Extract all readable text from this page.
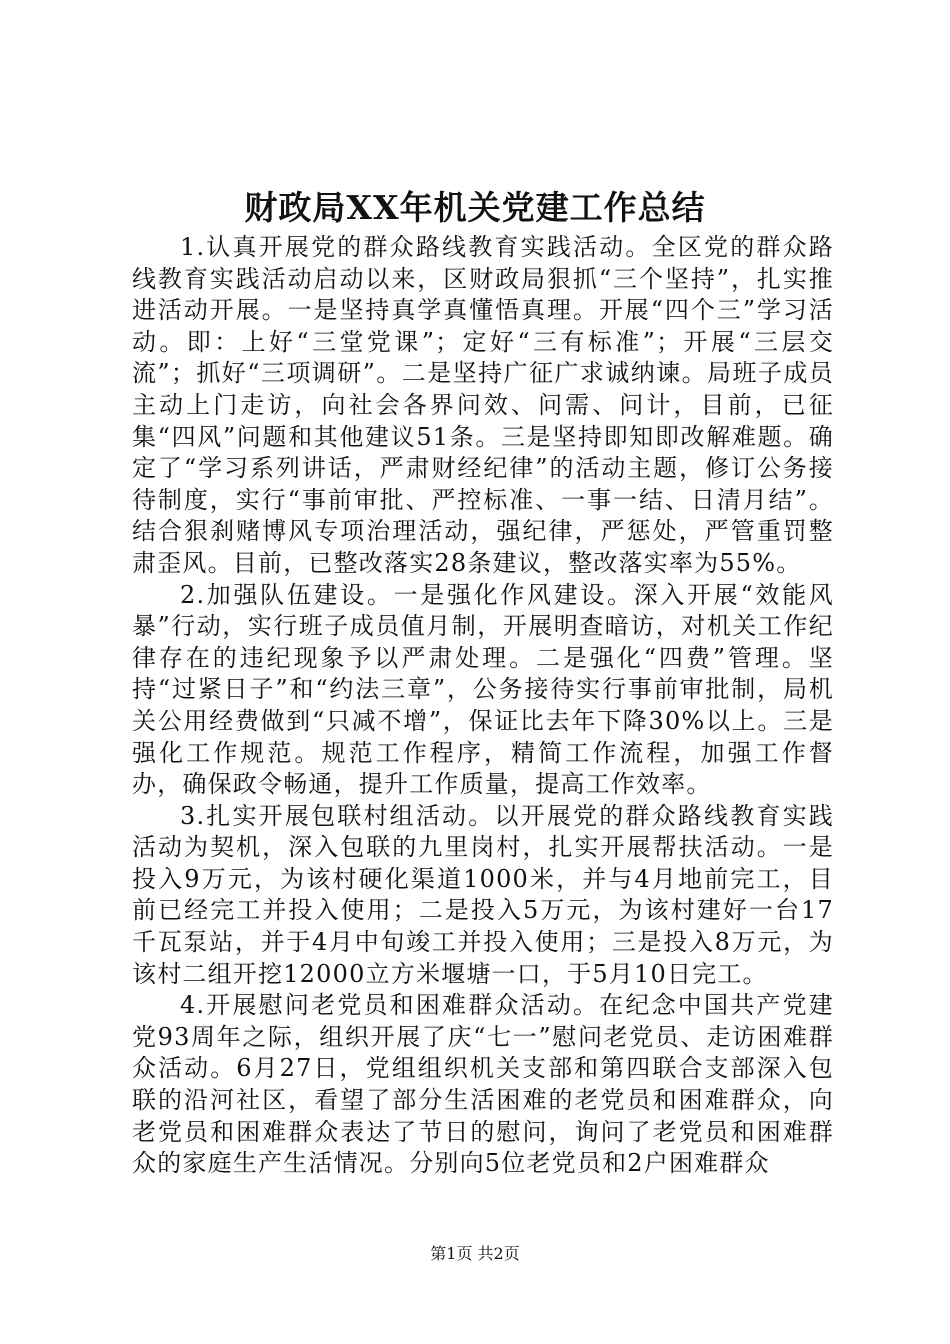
财政局XX年机关党建工作总结

1.认真开展党的群众路线教育实践活动。全区党的群众路线教育实践活动启动以来，区财政局狠抓“三个坚持”，扎实推进活动开展。一是坚持真学真懂悟真理。开展“四个三”学习活动。即：上好“三堂党课”；定好“三有标准”；开展“三层交流”；抓好“三项调研”。二是坚持广征广求诚纳谏。局班子成员主动上门走访，向社会各界问效、问需、问计，目前，已征集“四风”问题和其他建议51条。三是坚持即知即改解难题。确定了“学习系列讲话，严肃财经纪律”的活动主题，修订公务接待制度，实行“事前审批、严控标准、一事一结、日清月结”。结合狠刹赌博风专项治理活动，强纪律，严惩处，严管重罚整肃歪风。目前，已整改落实28条建议，整改落实率为55%。

2.加强队伍建设。一是强化作风建设。深入开展“效能风暴”行动，实行班子成员值月制，开展明查暗访，对机关工作纪律存在的违纪现象予以严肃处理。二是强化“四费”管理。坚持“过紧日子”和“约法三章”，公务接待实行事前审批制，局机关公用经费做到“只减不增”，保证比去年下降30%以上。三是强化工作规范。规范工作程序，精简工作流程，加强工作督办，确保政令畅通，提升工作质量，提高工作效率。

3.扎实开展包联村组活动。以开展党的群众路线教育实践活动为契机，深入包联的九里岗村，扎实开展帮扶活动。一是投入9万元，为该村硬化渠道1000米，并与4月地前完工，目前已经完工并投入使用；二是投入5万元，为该村建好一台17千瓦泵站，并于4月中旬竣工并投入使用；三是投入8万元，为该村二组开挖12000立方米堰塘一口，于5月10日完工。

4.开展慰问老党员和困难群众活动。在纪念中国共产党建党93周年之际，组织开展了庆“七一”慰问老党员、走访困难群众活动。6月27日，党组组织机关支部和第四联合支部深入包联的沿河社区，看望了部分生活困难的老党员和困难群众，向老党员和困难群众表达了节日的慰问，询问了老党员和困难群众的家庭生产生活情况。分别向5位老党员和2户困难群众

第1页 共2页
